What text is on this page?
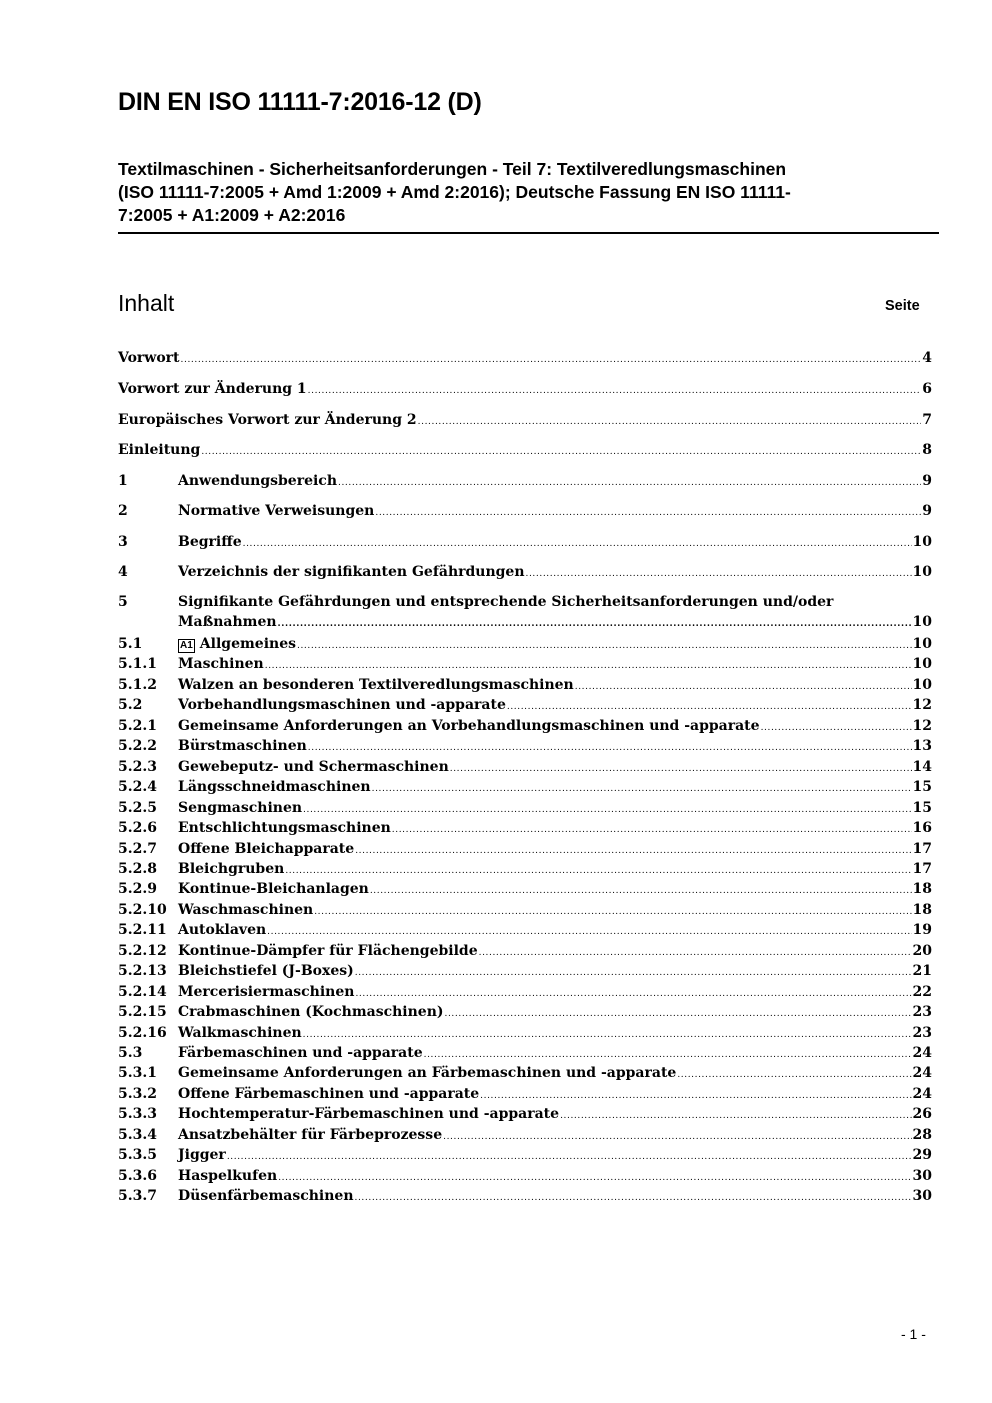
DIN EN ISO 11111-7:2016-12 (D)
Textilmaschinen - Sicherheitsanforderungen - Teil 7: Textilveredlungsmaschinen
(ISO 11111-7:2005 + Amd 1:2009 + Amd 2:2016); Deutsche Fassung EN ISO 11111-
7:2005 + A1:2009 + A2:2016
Inhalt	Seite
Vorwort .....	4
Vorwort zur Änderung 1 .....	6
Europäisches Vorwort zur Änderung 2 .....	7
Einleitung .....	8
1	Anwendungsbereich .....	9
2	Normative Verweisungen .....	9
3	Begriffe .....	10
4	Verzeichnis der signifikanten Gefährdungen .....	10
5	Signifikante Gefährdungen und entsprechende Sicherheitsanforderungen und/oder
Maßnahmen .....	10
5.1	A1 Allgemeines .....	10
5.1.1	Maschinen .....	10
5.1.2	Walzen an besonderen Textilveredlungsmaschinen .....	10
5.2	Vorbehandlungsmaschinen und -apparate .....	12
5.2.1	Gemeinsame Anforderungen an Vorbehandlungsmaschinen und -apparate .....	12
5.2.2	Bürstmaschinen .....	13
5.2.3	Gewebeputz- und Schermaschinen .....	14
5.2.4	Längsschneidmaschinen .....	15
5.2.5	Sengmaschinen .....	15
5.2.6	Entschlichtungsmaschinen .....	16
5.2.7	Offene Bleichapparate .....	17
5.2.8	Bleichgruben .....	17
5.2.9	Kontinue-Bleichanlagen .....	18
5.2.10 Waschmaschinen .....	18
5.2.11 Autoklaven .....	19
5.2.12 Kontinue-Dämpfer für Flächengebilde .....	20
5.2.13 Bleichstiefel (J-Boxes) .....	21
5.2.14 Mercerisiermaschinen .....	22
5.2.15 Crabmaschinen (Kochmaschinen) .....	23
5.2.16 Walkmaschinen .....	23
5.3	Färbemaschinen und -apparate .....	24
5.3.1	Gemeinsame Anforderungen an Färbemaschinen und -apparate .....	24
5.3.2	Offene Färbemaschinen und -apparate .....	24
5.3.3	Hochtemperatur-Färbemaschinen und -apparate .....	26
5.3.4	Ansatzbehälter für Färbeprozesse .....	28
5.3.5	Jigger .....	29
5.3.6	Haspelkufen .....	30
5.3.7	Düsenfärbemaschinen .....	30
- 1 -
